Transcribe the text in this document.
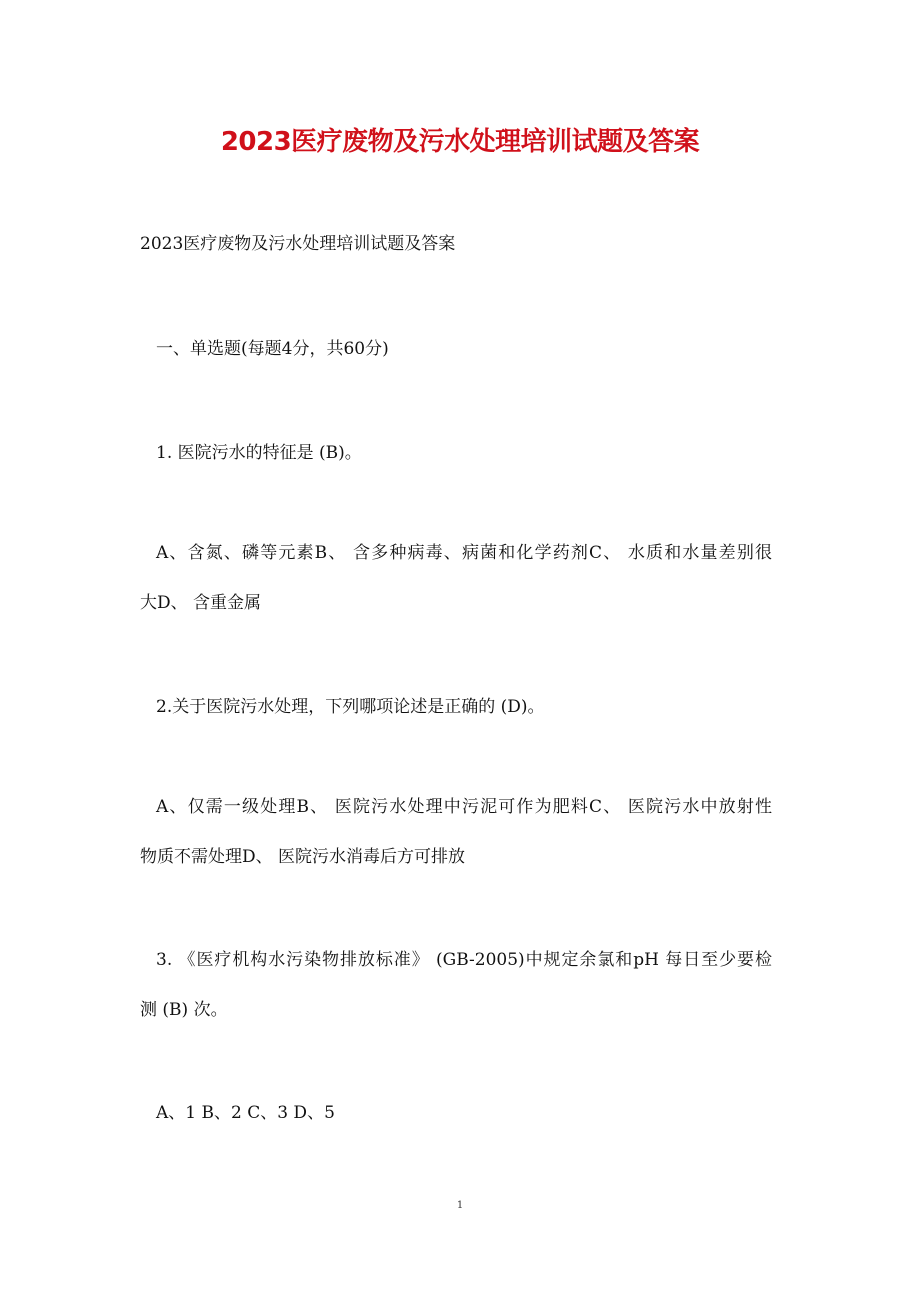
2023医疗废物及污水处理培训试题及答案
2023医疗废物及污水处理培训试题及答案
一、单选题(每题4分，共60分)
1. 医院污水的特征是 (B)。
A、含氮、磷等元素B、 含多种病毒、病菌和化学药剂C、 水质和水量差别很
大D、 含重金属
2.关于医院污水处理，下列哪项论述是正确的 (D)。
A、仅需一级处理B、 医院污水处理中污泥可作为肥料C、 医院污水中放射性
物质不需处理D、 医院污水消毒后方可排放
3. 《医疗机构水污染物排放标准》 (GB-2005)中规定余氯和pH 每日至少要检
测 (B) 次。
A、1 B、2 C、3 D、5
1
